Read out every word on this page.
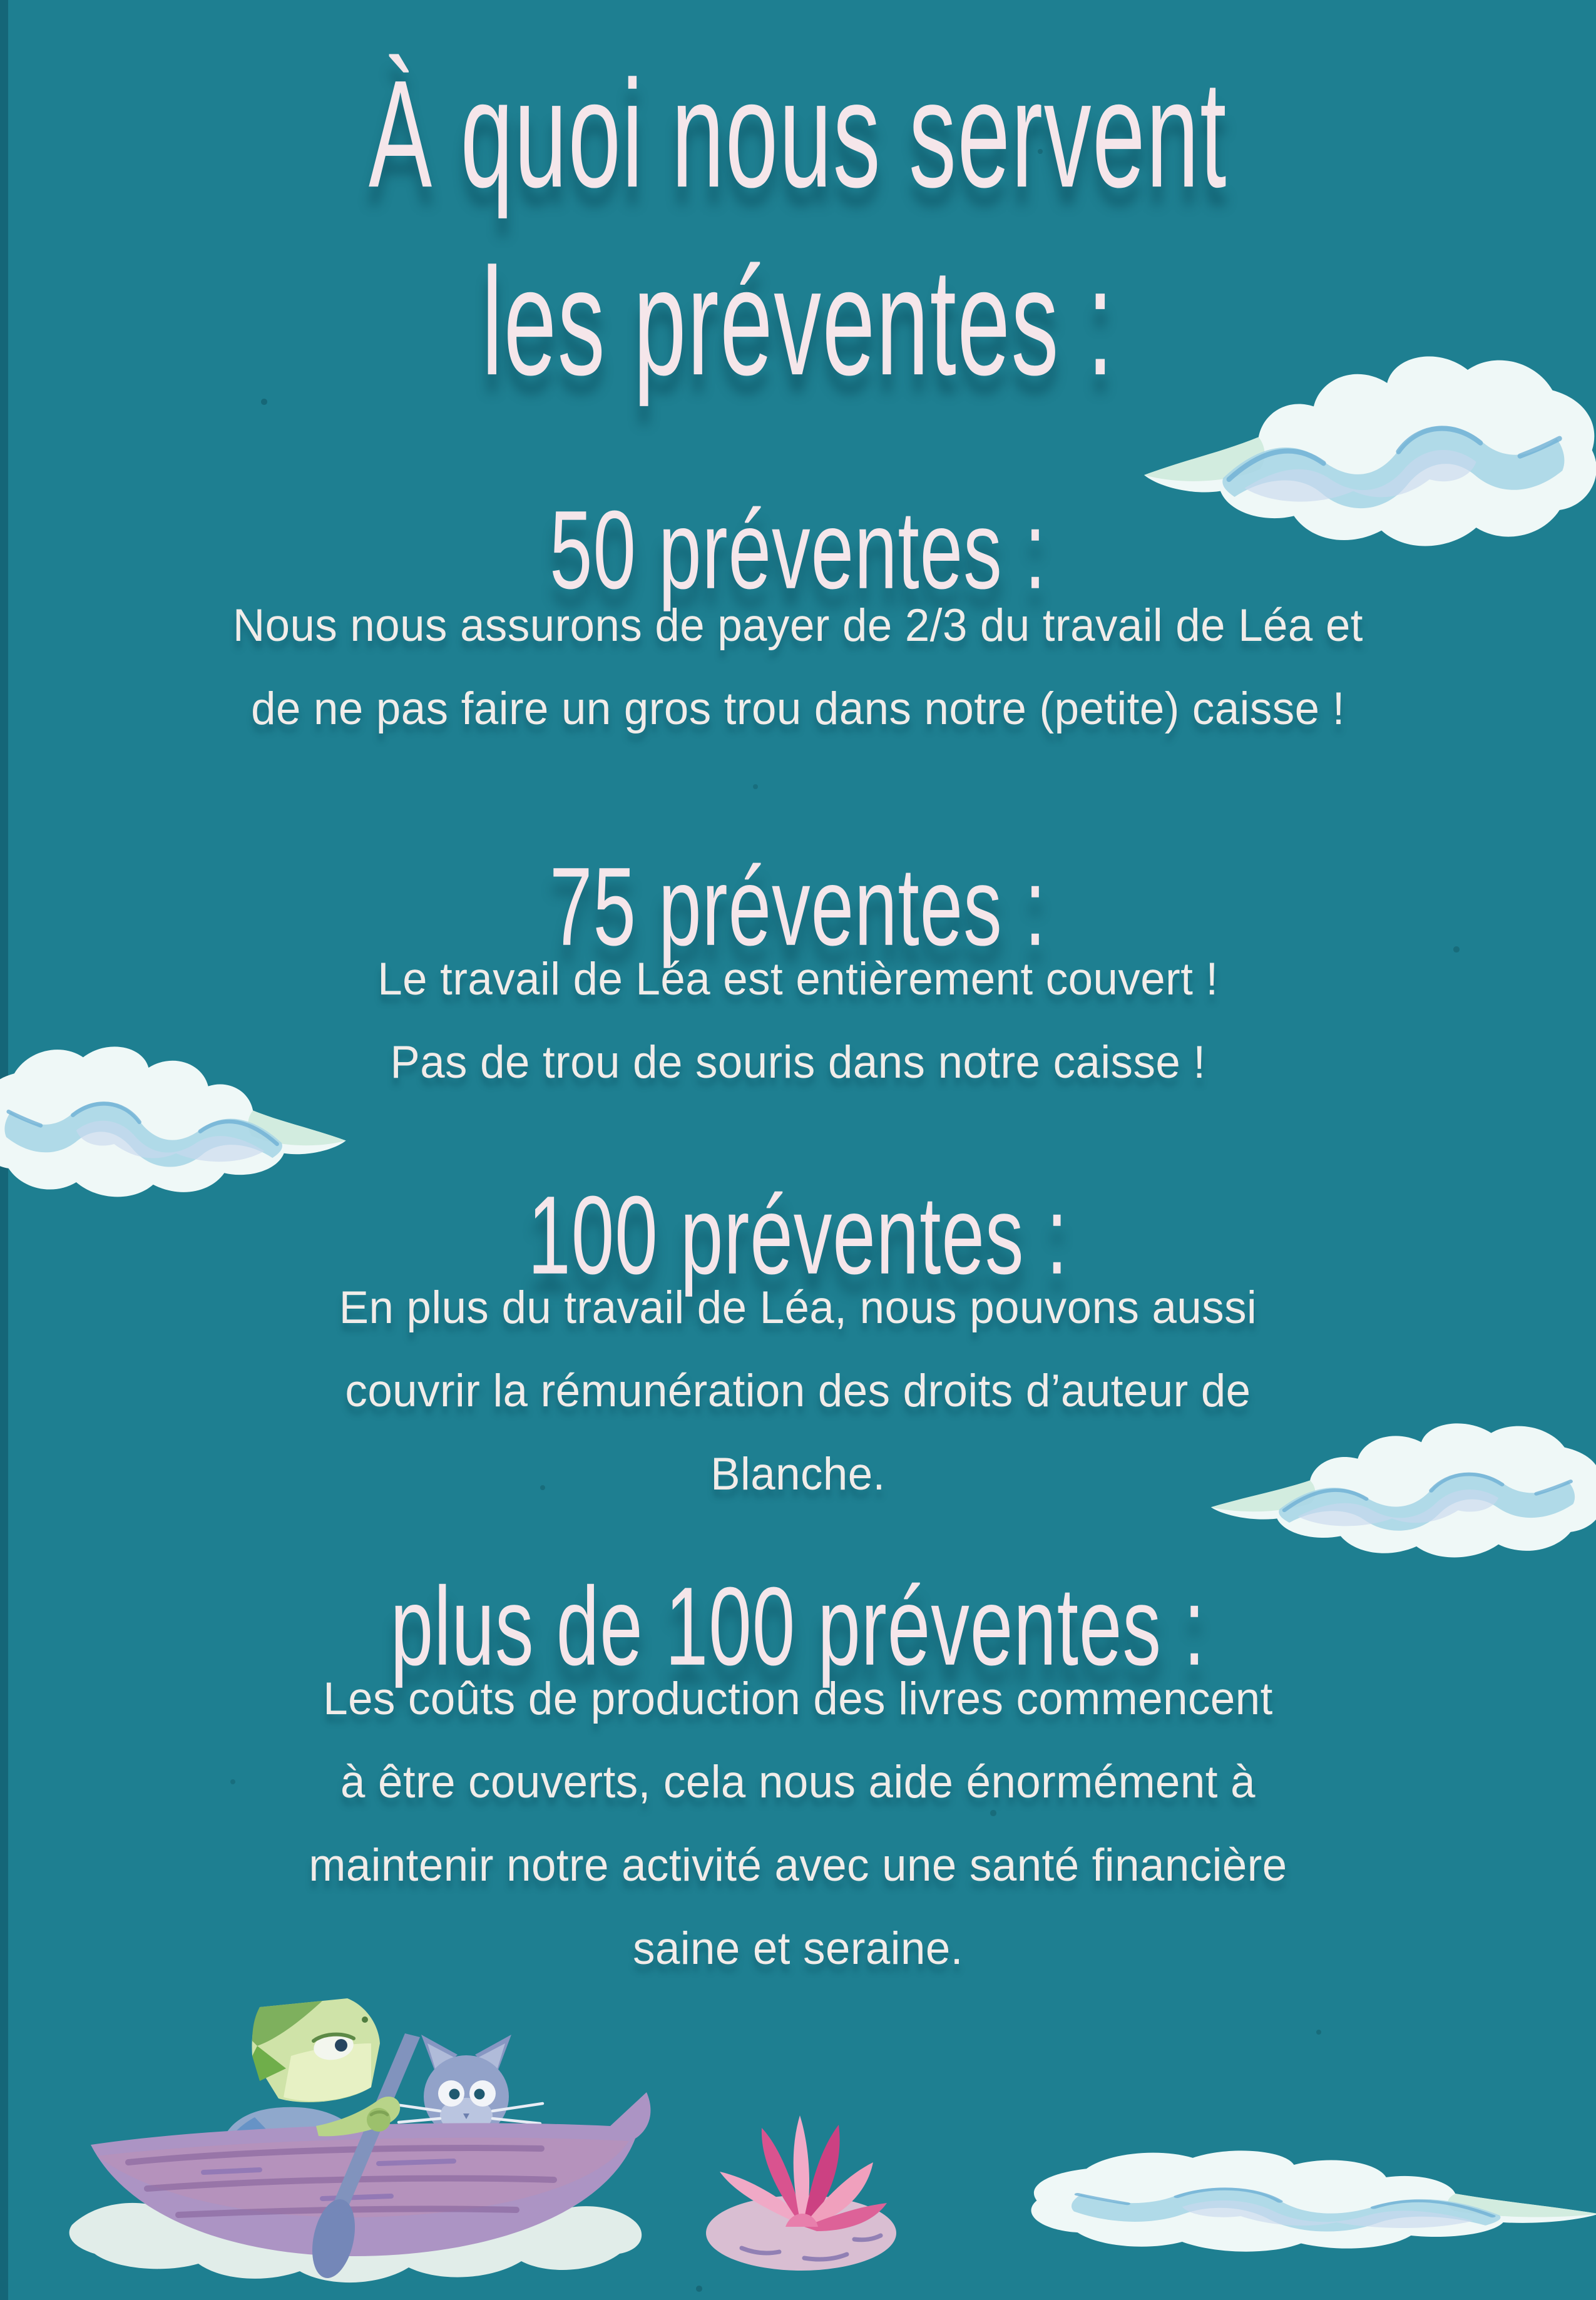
À quoi nous servent
les préventes :
50 préventes :
Nous nous assurons de payer de 2/3 du travail de Léa et
de ne pas faire un gros trou dans notre (petite) caisse !
75 préventes :
Le travail de Léa est entièrement couvert !
Pas de trou de souris dans notre caisse !
100 préventes :
En plus du travail de Léa, nous pouvons aussi
couvrir la rémunération des droits d’auteur de
Blanche.
plus de 100 préventes :
Les coûts de production des livres commencent
à être couverts, cela nous aide énormément à
maintenir notre activité avec une santé financière
saine et seraine.
